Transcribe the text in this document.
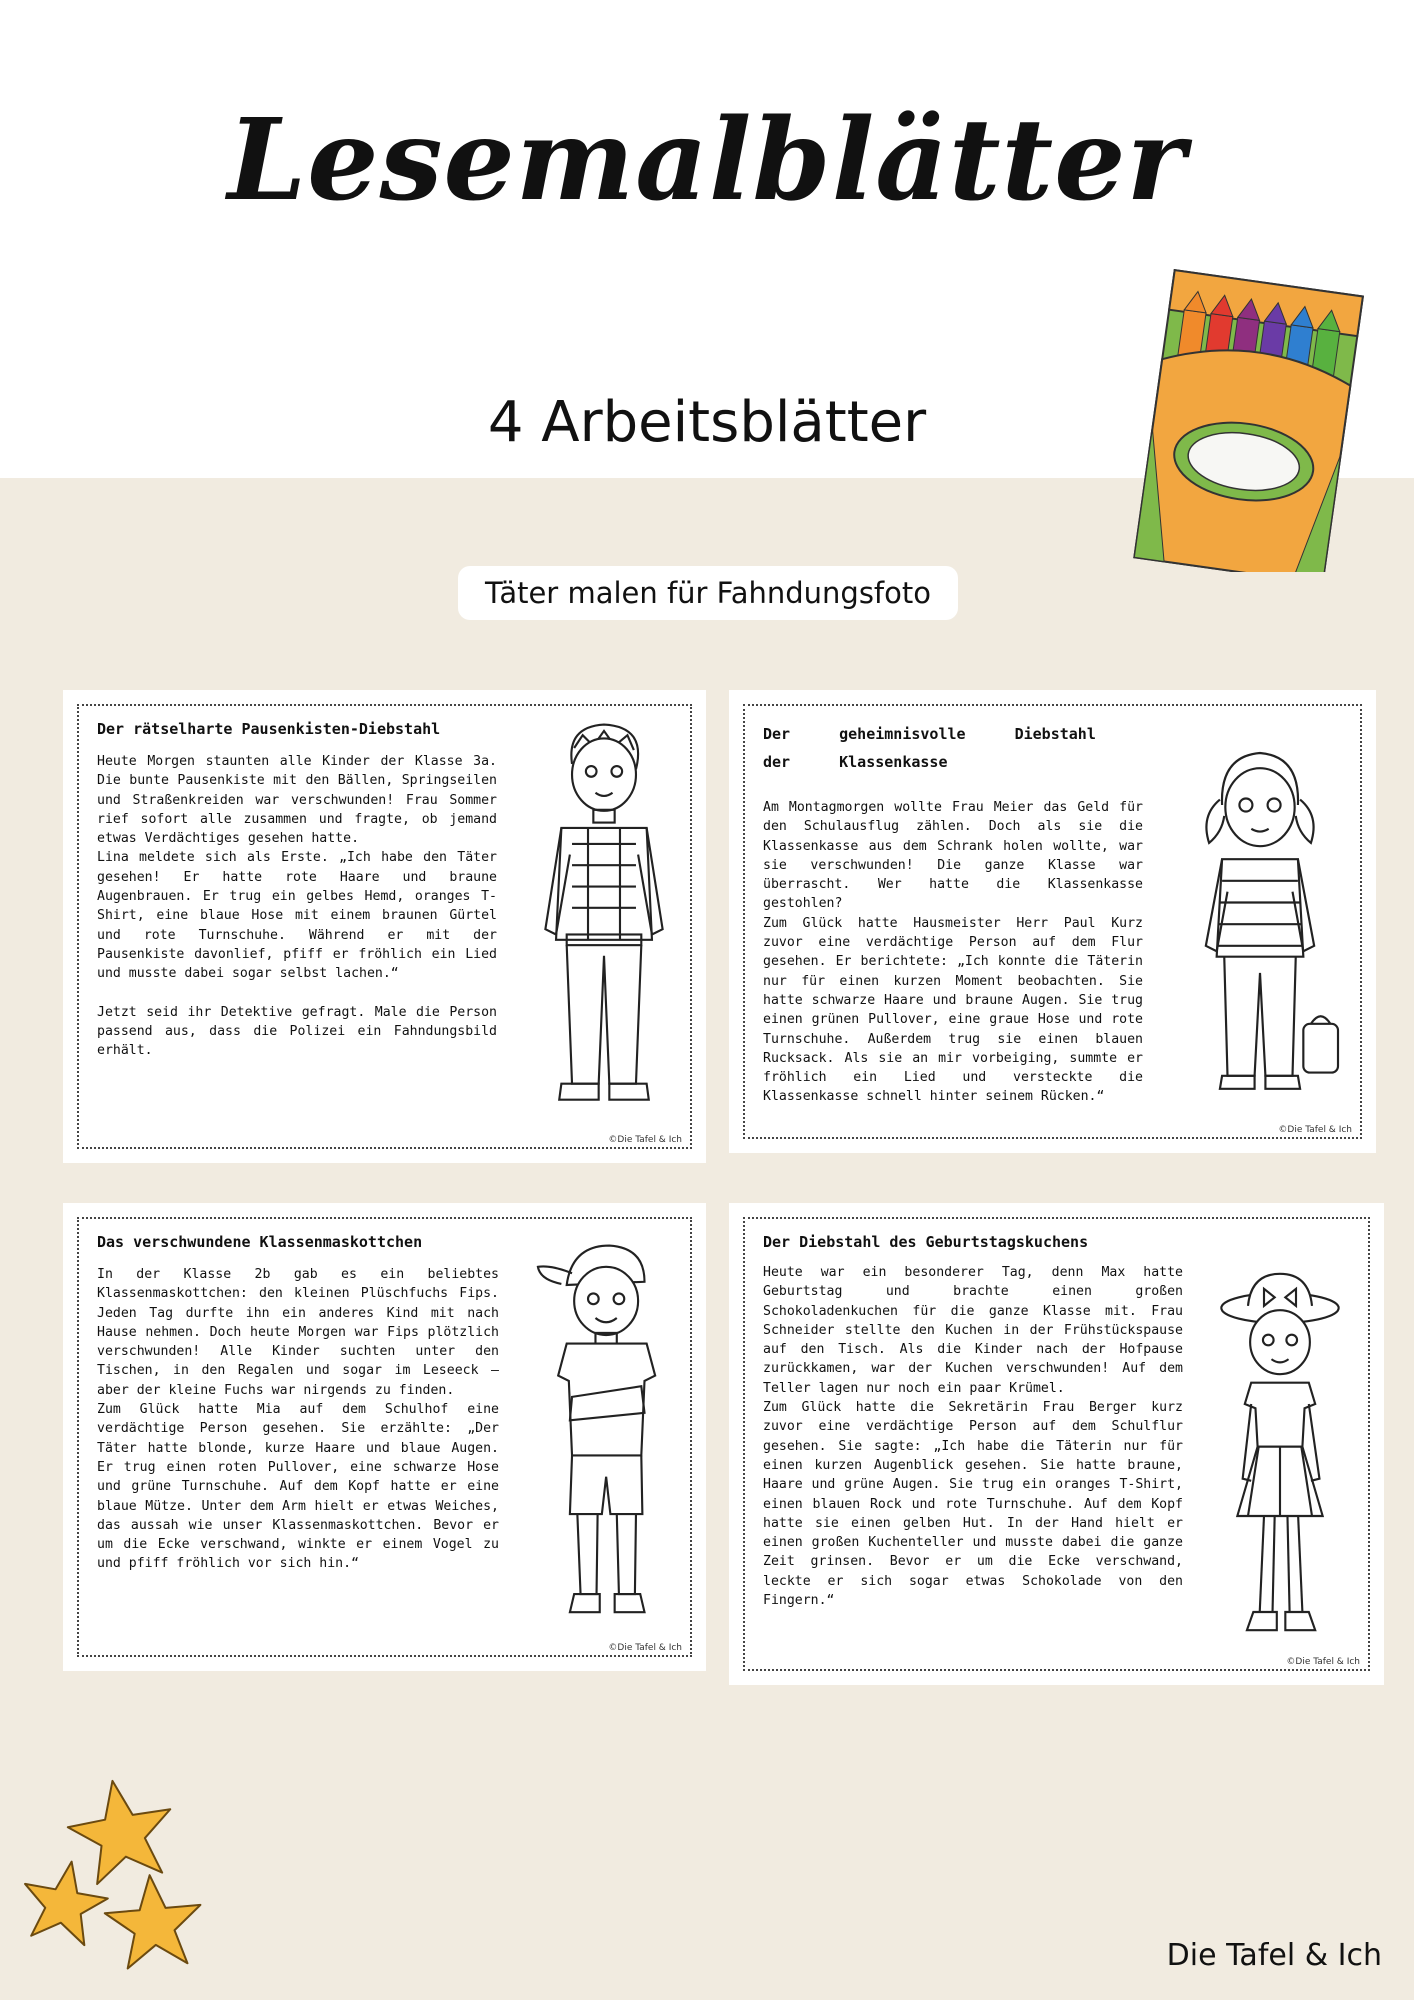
Lesemalblätter
4 Arbeitsblätter
Täter malen für Fahndungsfoto
Der rätselharte Pausenkisten-Diebstahl
Heute Morgen staunten alle Kinder der Klasse 3a. Die bunte Pausenkiste mit den Bällen, Springseilen und Straßenkreiden war verschwunden! Frau Sommer rief sofort alle zusammen und fragte, ob jemand etwas Verdächtiges gesehen hatte.
Lina meldete sich als Erste. „Ich habe den Täter gesehen! Er hatte rote Haare und braune Augenbrauen. Er trug ein gelbes Hemd, oranges T-Shirt, eine blaue Hose mit einem braunen Gürtel und rote Turnschuhe. Während er mit der Pausenkiste davonlief, pfiff er fröhlich ein Lied und musste dabei sogar selbst lachen.“

Jetzt seid ihr Detektive gefragt. Male die Person passend aus, dass die Polizei ein Fahndungsbild erhält.
©Die Tafel & Ich
Der geheimnisvolle Diebstahl der Klassenkasse
Am Montagmorgen wollte Frau Meier das Geld für den Schulausflug zählen. Doch als sie die Klassenkasse aus dem Schrank holen wollte, war sie verschwunden! Die ganze Klasse war überrascht. Wer hatte die Klassenkasse gestohlen?
Zum Glück hatte Hausmeister Herr Paul Kurz zuvor eine verdächtige Person auf dem Flur gesehen. Er berichtete: „Ich konnte die Täterin nur für einen kurzen Moment beobachten. Sie hatte schwarze Haare und braune Augen. Sie trug einen grünen Pullover, eine graue Hose und rote Turnschuhe. Außerdem trug sie einen blauen Rucksack. Als sie an mir vorbeiging, summte er fröhlich ein Lied und versteckte die Klassenkasse schnell hinter seinem Rücken.“
©Die Tafel & Ich
Das verschwundene Klassenmaskottchen
In der Klasse 2b gab es ein beliebtes Klassenmaskottchen: den kleinen Plüschfuchs Fips. Jeden Tag durfte ihn ein anderes Kind mit nach Hause nehmen. Doch heute Morgen war Fips plötzlich verschwunden! Alle Kinder suchten unter den Tischen, in den Regalen und sogar im Leseeck – aber der kleine Fuchs war nirgends zu finden.
Zum Glück hatte Mia auf dem Schulhof eine verdächtige Person gesehen. Sie erzählte: „Der Täter hatte blonde, kurze Haare und blaue Augen. Er trug einen roten Pullover, eine schwarze Hose und grüne Turnschuhe. Auf dem Kopf hatte er eine blaue Mütze. Unter dem Arm hielt er etwas Weiches, das aussah wie unser Klassenmaskottchen. Bevor er um die Ecke verschwand, winkte er einem Vogel zu und pfiff fröhlich vor sich hin.“
©Die Tafel & Ich
Der Diebstahl des Geburtstagskuchens
Heute war ein besonderer Tag, denn Max hatte Geburtstag und brachte einen großen Schokoladenkuchen für die ganze Klasse mit. Frau Schneider stellte den Kuchen in der Frühstückspause auf den Tisch. Als die Kinder nach der Hofpause zurückkamen, war der Kuchen verschwunden! Auf dem Teller lagen nur noch ein paar Krümel.
Zum Glück hatte die Sekretärin Frau Berger kurz zuvor eine verdächtige Person auf dem Schulflur gesehen. Sie sagte: „Ich habe die Täterin nur für einen kurzen Augenblick gesehen. Sie hatte braune, Haare und grüne Augen. Sie trug ein oranges T-Shirt, einen blauen Rock und rote Turnschuhe. Auf dem Kopf hatte sie einen gelben Hut. In der Hand hielt er einen großen Kuchenteller und musste dabei die ganze Zeit grinsen. Bevor er um die Ecke verschwand, leckte er sich sogar etwas Schokolade von den Fingern.“
©Die Tafel & Ich
Die Tafel & Ich
